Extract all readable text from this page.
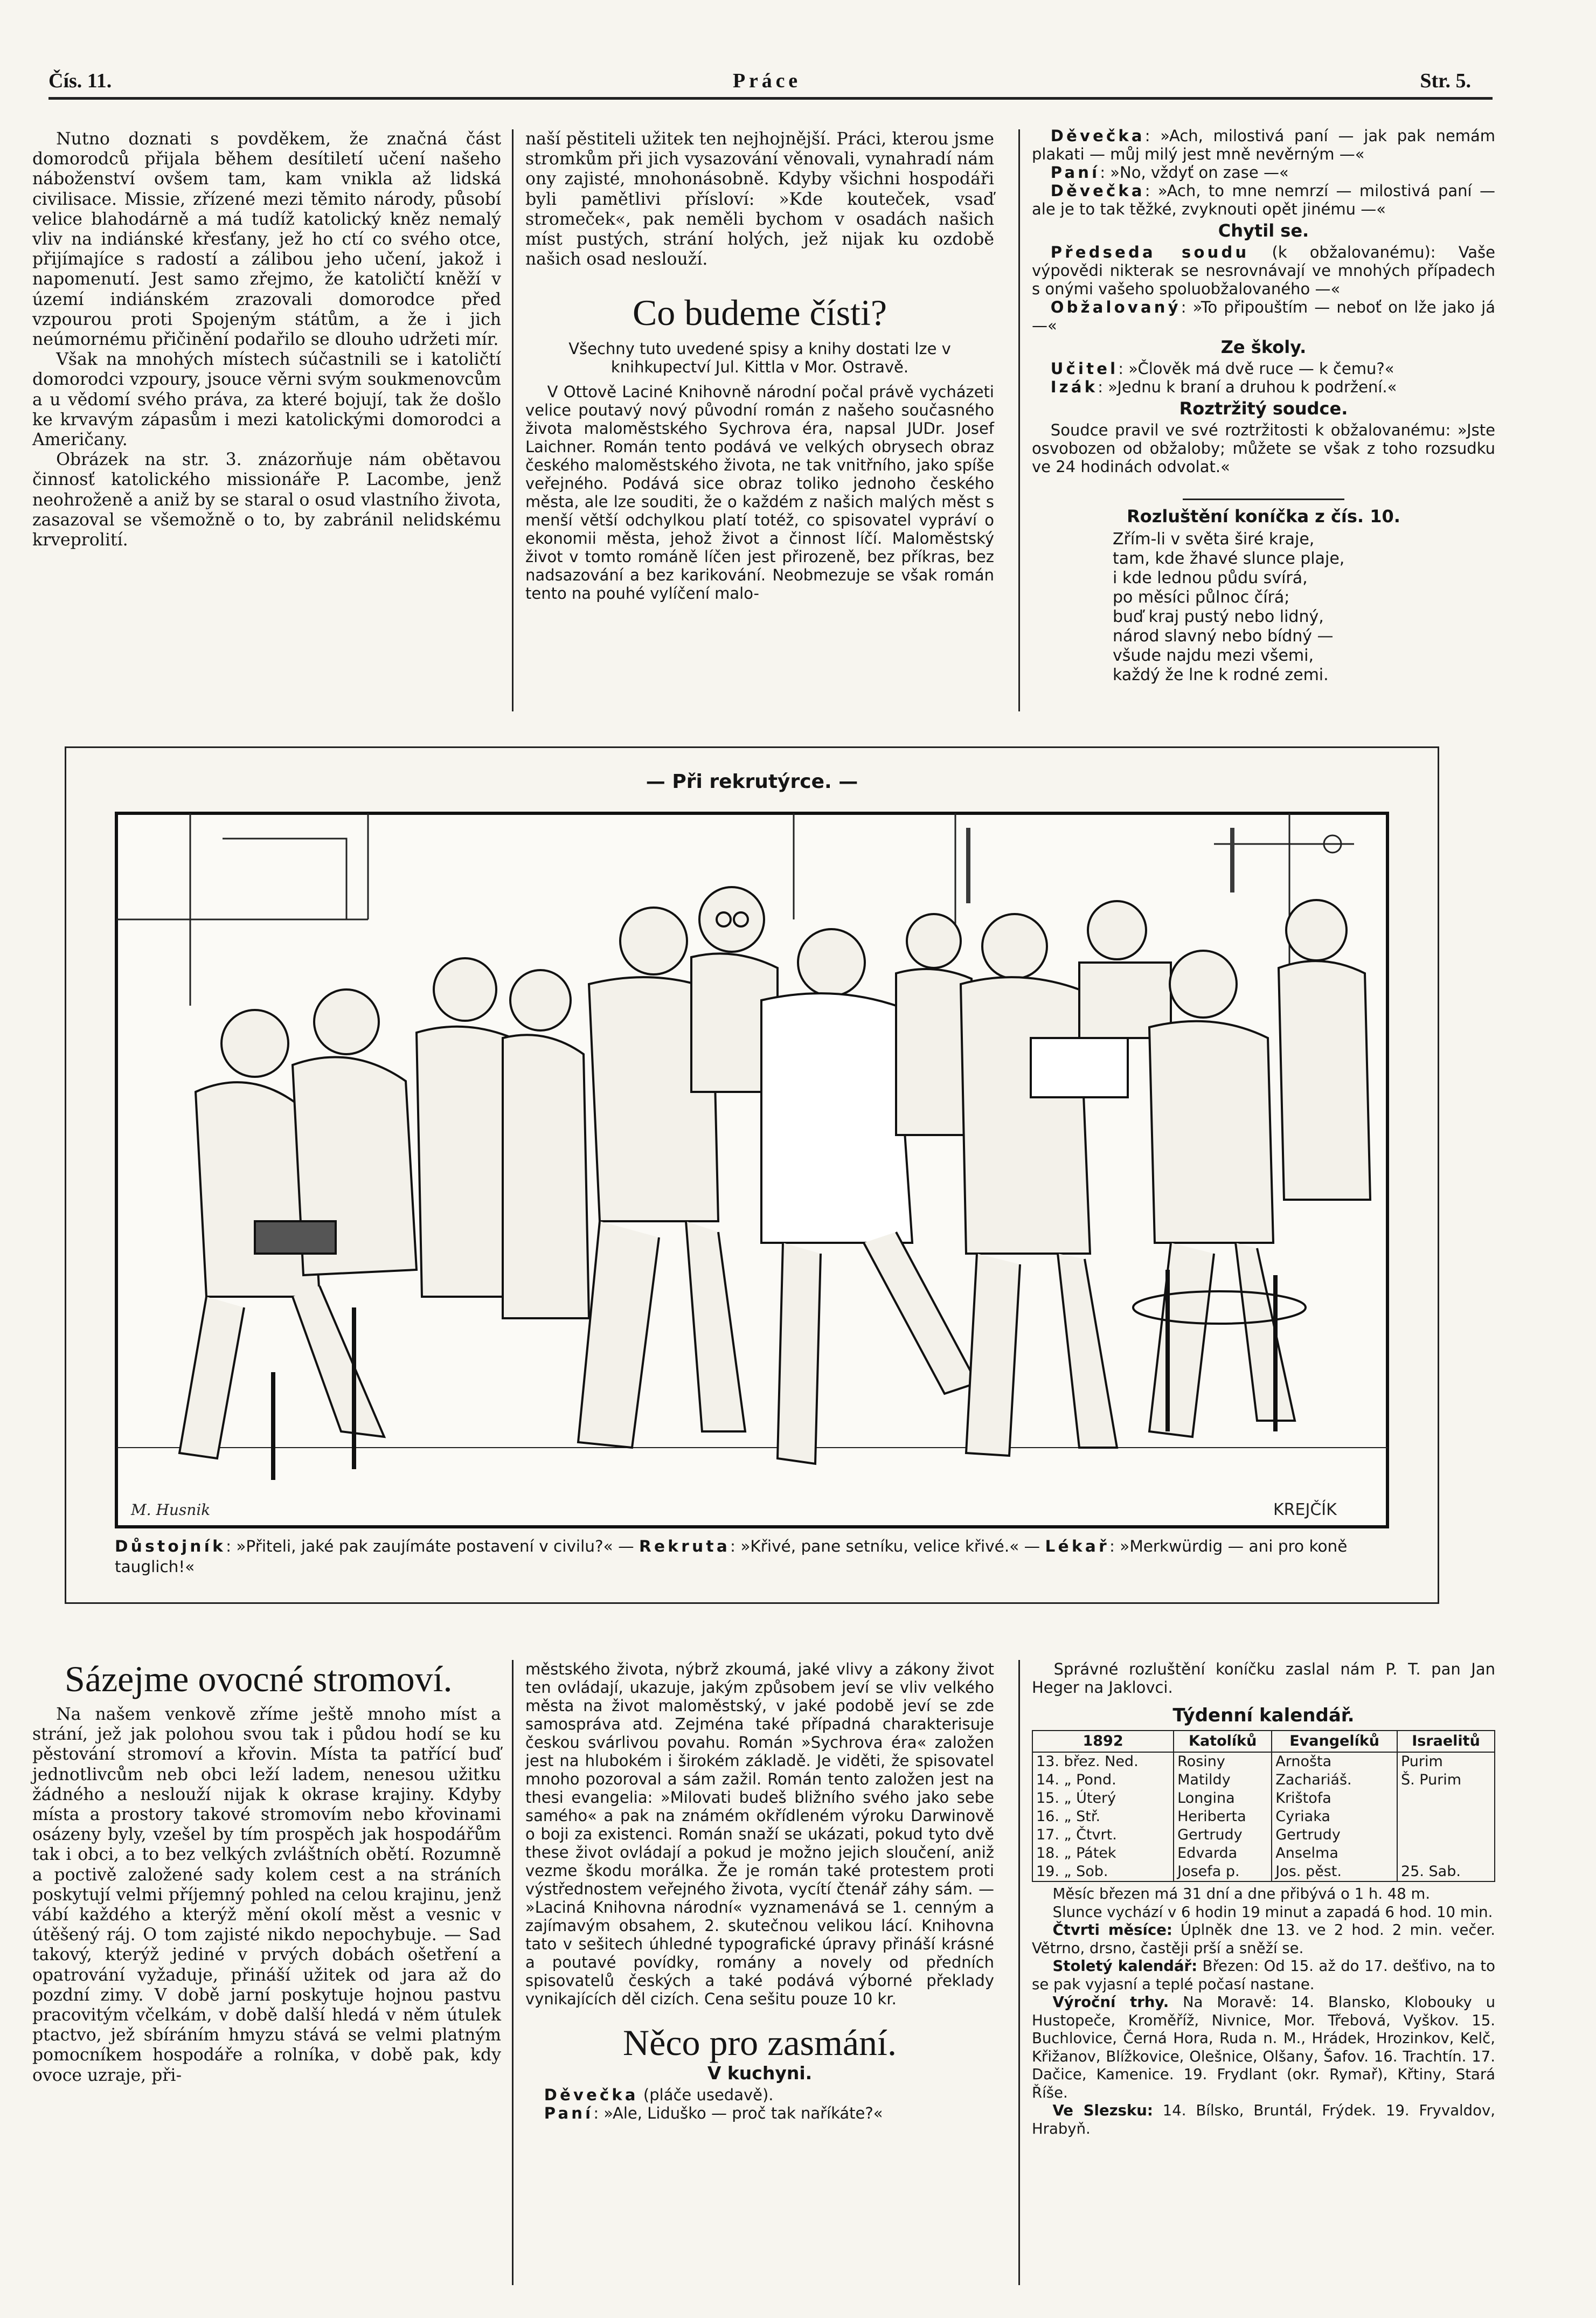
Čís. 11.	Práce	Str. 5.

Nutno doznati s povděkem, že značná část domorodců přijala během desítiletí učení našeho náboženství ovšem tam, kam vnikla až lidská civilisace. Missie, zřízené mezi těmito národy, působí velice blahodárně a má tudíž katolický kněz nemalý vliv na indiánské křesťany, jež ho ctí co svého otce, přijímajíce s radostí a zálibou jeho učení, jakož i napomenutí. Jest samo zřejmo, že katoličtí kněží v území indiánském zrazovali domorodce před vzpourou proti Spojeným státům, a že i jich neúmornému přičinění podařilo se dlouho udržeti mír.

Však na mnohých místech súčastnili se i katoličtí domorodci vzpoury, jsouce věrni svým soukmenovcům a u vědomí svého práva, za které bojují, tak že došlo ke krvavým zápasům i mezi katolickými domorodci a Američany.

Obrázek na str. 3. znázorňuje nám obětavou činnosť katolického missionáře P. Lacombe, jenž neohroženě a aniž by se staral o osud vlastního života, zasazoval se všemožně o to, by zabránil nelidskému krveprolití.

naší pěstiteli užitek ten nejhojnější. Práci, kterou jsme stromkům při jich vysazování věnovali, vynahradí nám ony zajisté, mnohonásobně. Kdyby všichni hospodáři byli pamětlivi přísloví: »Kde kouteček, vsaď stromeček«, pak neměli bychom v osadách našich míst pustých, strání holých, jež nijak ku ozdobě našich osad neslouží.

Co budeme čísti?
Všechny tuto uvedené spisy a knihy dostati lze v knihkupectví Jul. Kittla v Mor. Ostravě.

V Ottově Laciné Knihovně národní počal právě vycházeti velice poutavý nový původní román z našeho současného života maloměstského Sychrova éra, napsal JUDr. Josef Laichner. Román tento podává ve velkých obrysech obraz českého maloměstského života, ne tak vnitřního, jako spíše veřejného. Podává sice obraz toliko jednoho českého města, ale lze souditi, že o každém z našich malých měst s menší větší odchylkou platí totéž, co spisovatel vypráví o ekonomii města, jehož život a činnost líčí. Maloměstský život v tomto románě líčen jest přirozeně, bez příkras, bez nadsazování a bez karikování. Neobmezuje se však román tento na pouhé vylíčení malo-

Děvečka: »Ach, milostivá paní — jak pak nemám plakati — můj milý jest mně nevěrným —«
Paní: »No, vždyť on zase —«
Děvečka: »Ach, to mne nemrzí — milostivá paní — ale je to tak těžké, zvyknouti opět jinému —«
Chytil se.
Předseda soudu (k obžalovanému): Vaše výpovědi nikterak se nesrovnávají ve mnohých případech s onými vašeho spoluobžalovaného —«
Obžalovaný: »To připouštím — neboť on lže jako já —«
Ze školy.
Učitel: »Člověk má dvě ruce — k čemu?«
Izák: »Jednu k braní a druhou k podržení.«
Roztržitý soudce.
Soudce pravil ve své roztržitosti k obžalovanému: »Jste osvobozen od obžaloby; můžete se však z toho rozsudku ve 24 hodinách odvolat.«
Rozluštění koníčka z čís. 10.
Zřím-li v světa širé kraje,
tam, kde žhavé slunce plaje,
i kde lednou půdu svírá,
po měsíci půlnoc čírá;
buď kraj pustý nebo lidný,
národ slavný nebo bídný —
všude najdu mezi všemi,
každý že lne k rodné zemi.
— Při rekrutýrce. —
M. Husnik	KREJČÍK
Důstojník: »Přiteli, jaké pak zaujímáte postavení v civilu?« — Rekruta: »Křivé, pane setníku, velice křivé.« — Lékař: »Merkwürdig — ani pro koně tauglich!«
Sázejme ovocné stromoví.

Na našem venkově zříme ještě mnoho míst a strání, jež jak polohou svou tak i půdou hodí se ku pěstování stromoví a křovin. Místa ta patřící buď jednotlivcům neb obci leží ladem, nenesou užitku žádného a neslouží nijak k okrase krajiny. Kdyby místa a prostory takové stromovím nebo křovinami osázeny byly, vzešel by tím prospěch jak hospodářům tak i obci, a to bez velkých zvláštních obětí. Rozumně a poctivě založené sady kolem cest a na stráních poskytují velmi příjemný pohled na celou krajinu, jenž vábí každého a kterýž mění okolí měst a vesnic v útěšený ráj. O tom zajisté nikdo nepochybuje. — Sad takový, kterýž jediné v prvých dobách ošetření a opatrování vyžaduje, přináší užitek od jara až do pozdní zimy. V době jarní poskytuje hojnou pastvu pracovitým včelkám, v době další hledá v něm útulek ptactvo, jež sbíráním hmyzu stává se velmi platným pomocníkem hospodáře a rolníka, v době pak, kdy ovoce uzraje, při-

městského života, nýbrž zkoumá, jaké vlivy a zákony život ten ovládají, ukazuje, jakým způsobem jeví se vliv velkého města na život maloměstský, v jaké podobě jeví se zde samospráva atd. Zejména také případná charakterisuje českou svárlivou povahu. Román »Sychrova éra« založen jest na hlubokém i širokém základě. Je viděti, že spisovatel mnoho pozoroval a sám zažil. Román tento založen jest na thesi evangelia: »Milovati budeš bližního svého jako sebe samého« a pak na známém okřídleném výroku Darwinově o boji za existenci. Román snaží se ukázati, pokud tyto dvě these život ovládají a pokud je možno jejich sloučení, aniž vezme škodu morálka. Že je román také protestem proti výstřednostem veřejného života, vycítí čtenář záhy sám. — »Laciná Knihovna národní« vyznamenává se 1. cenným a zajímavým obsahem, 2. skutečnou velikou lácí. Knihovna tato v sešitech úhledné typografické úpravy přináší krásné a poutavé povídky, romány a novely od předních spisovatelů českých a také podává výborné překlady vynikajících děl cizích. Cena sešitu pouze 10 kr.

Něco pro zasmání.
V kuchyni.
Děvečka (pláče usedavě).
Paní: »Ale, Liduško — proč tak naříkáte?«

Správné rozluštění koníčku zaslal nám P. T. pan Jan Heger na Jaklovci.

Týdenní kalendář.
1892	Katolíků	Evangelíků	Israelitů
13. břez. Ned.	Rosiny	Arnošta	Purim
14. „ Pond.	Matildy	Zachariáš.	Š. Purim
15. „ Úterý	Longina	Krištofa	
16. „ Stř.	Heriberta	Cyriaka	
17. „ Čtvrt.	Gertrudy	Gertrudy	
18. „ Pátek	Edvarda	Anselma	
19. „ Sob.	Josefa p.	Jos. pěst.	25. Sab.

Měsíc březen má 31 dní a dne přibývá o 1 h. 48 m.

Slunce vychází v 6 hodin 19 minut a zapadá 6 hod. 10 min.

Čtvrti měsíce: Úplněk dne 13. ve 2 hod. 2 min. večer. Větrno, drsno, častěji prší a sněží se.

Stoletý kalendář: Březen: Od 15. až do 17. dešťivo, na to se pak vyjasní a teplé počasí nastane.

Výroční trhy. Na Moravě: 14. Blansko, Klobouky u Hustopeče, Kroměříž, Nivnice, Mor. Třebová, Vyškov. 15. Buchlovice, Černá Hora, Ruda n. M., Hrádek, Hrozinkov, Kelč, Křižanov, Blížkovice, Olešnice, Olšany, Šafov. 16. Trachtín. 17. Dačice, Kamenice. 19. Frydlant (okr. Rymař), Křtiny, Stará Říše.

Ve Slezsku: 14. Bílsko, Bruntál, Frýdek. 19. Fryvaldov, Hrabyň.
